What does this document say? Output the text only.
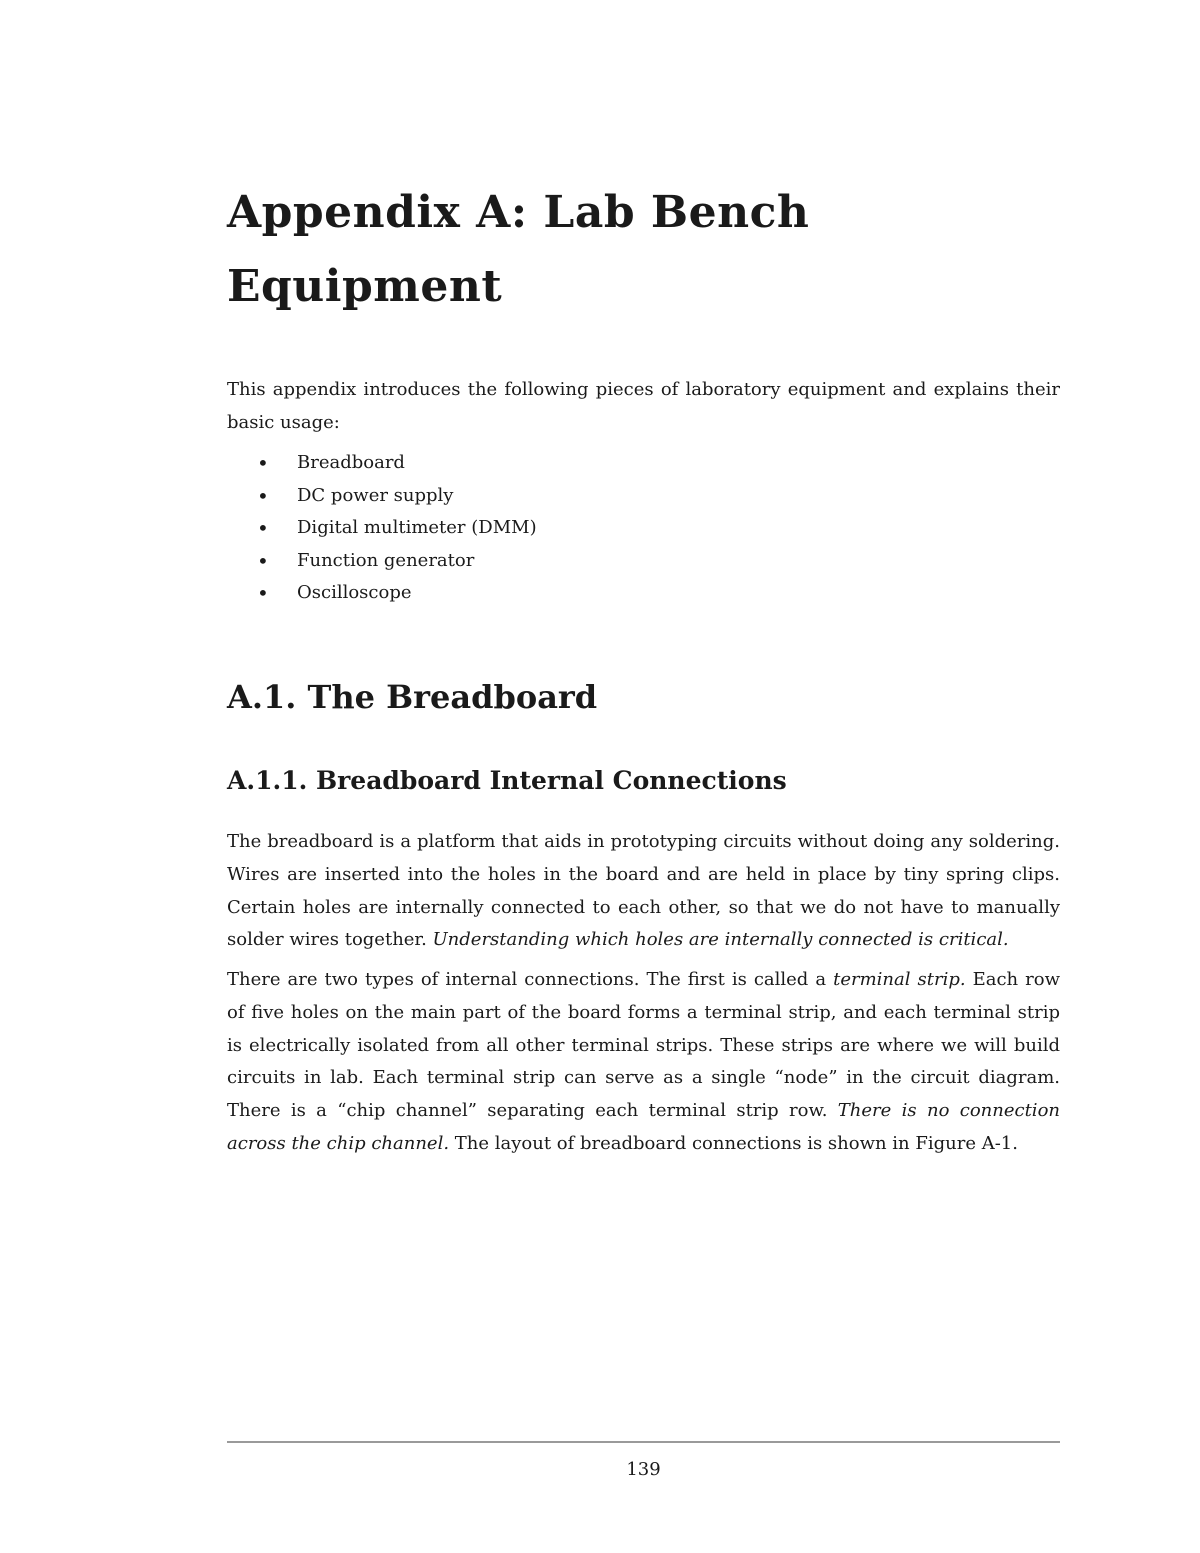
Appendix A: Lab Bench Equipment

This appendix introduces the following pieces of laboratory equipment and explains their basic usage:

• Breadboard
• DC power supply
• Digital multimeter (DMM)
• Function generator
• Oscilloscope
A.1. The Breadboard
A.1.1. Breadboard Internal Connections

The breadboard is a platform that aids in prototyping circuits without doing any soldering. Wires are inserted into the holes in the board and are held in place by tiny spring clips. Certain holes are internally connected to each other, so that we do not have to manually solder wires together. Understanding which holes are internally connected is critical.

There are two types of internal connections. The first is called a terminal strip. Each row of five holes on the main part of the board forms a terminal strip, and each terminal strip is electrically isolated from all other terminal strips. These strips are where we will build circuits in lab. Each terminal strip can serve as a single “node” in the circuit diagram. There is a “chip channel” separating each terminal strip row. There is no connection across the chip channel. The layout of breadboard connections is shown in Figure A-1.

139
